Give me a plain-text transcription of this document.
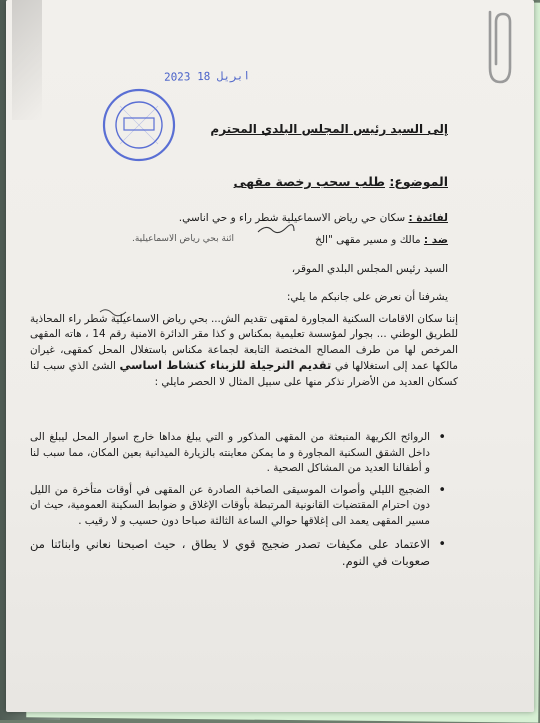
2023 ابريل 18
إلى السيد رئيس المجلس البلدي المحترم
الموضوع: طلب سحب رخصة مقهى
لفائدة : سكان حي رياض الاسماعيلية شطر راء و حي اناسي.
ضد : مالك و مسير مقهى "الخ
ائنة بحي رياض الاسماعيلية.
السيد رئيس المجلس البلدي الموقر،
يشرفنا أن نعرض على جانبكم ما يلي:
إننا سكان الاقامات السكنية المجاورة لمقهى تقديم الش... بحي رياض الاسماعيلية شطر راء المحاذية للطريق الوطني ... بجوار لمؤسسة تعليمية بمكناس و كذا مقر الدائرة الامنية رقم 14 ، هاته المقهى المرخص لها من طرف المصالح المختصة التابعة لجماعة مكناس باستغلال المحل كمقهى، غيران مالكها عمد إلى استغلالها في تقديم النرجيلة للزبناء كنشاط اساسي الشئ الذي سبب لنا كسكان العديد من الأضرار نذكر منها على سبيل المثال لا الحصر مايلي :
• الروائح الكريهة المنبعثة من المقهى المذكور و التي يبلغ مداها خارج اسوار المحل ليبلغ الى داخل الشقق السكنية المجاورة و ما يمكن معاينته بالزيارة الميدانية بعين المكان، مما سبب لنا و أطفالنا العديد من المشاكل الصحية .
• الضجيج الليلي وأصوات الموسيقى الصاخبة الصادرة عن المقهى في أوقات متأخرة من الليل دون احترام المقتضيات القانونية المرتبطة بأوقات الإغلاق و ضوابط السكينة العمومية، حيث ان مسير المقهى يعمد الى إغلاقها حوالي الساعة الثالثة صباحا دون حسيب و لا رقيب .
• الاعتماد على مكيفات تصدر ضجيج قوي لا يطاق ، حيث اصبحنا نعاني وابنائنا من صعوبات في النوم.
